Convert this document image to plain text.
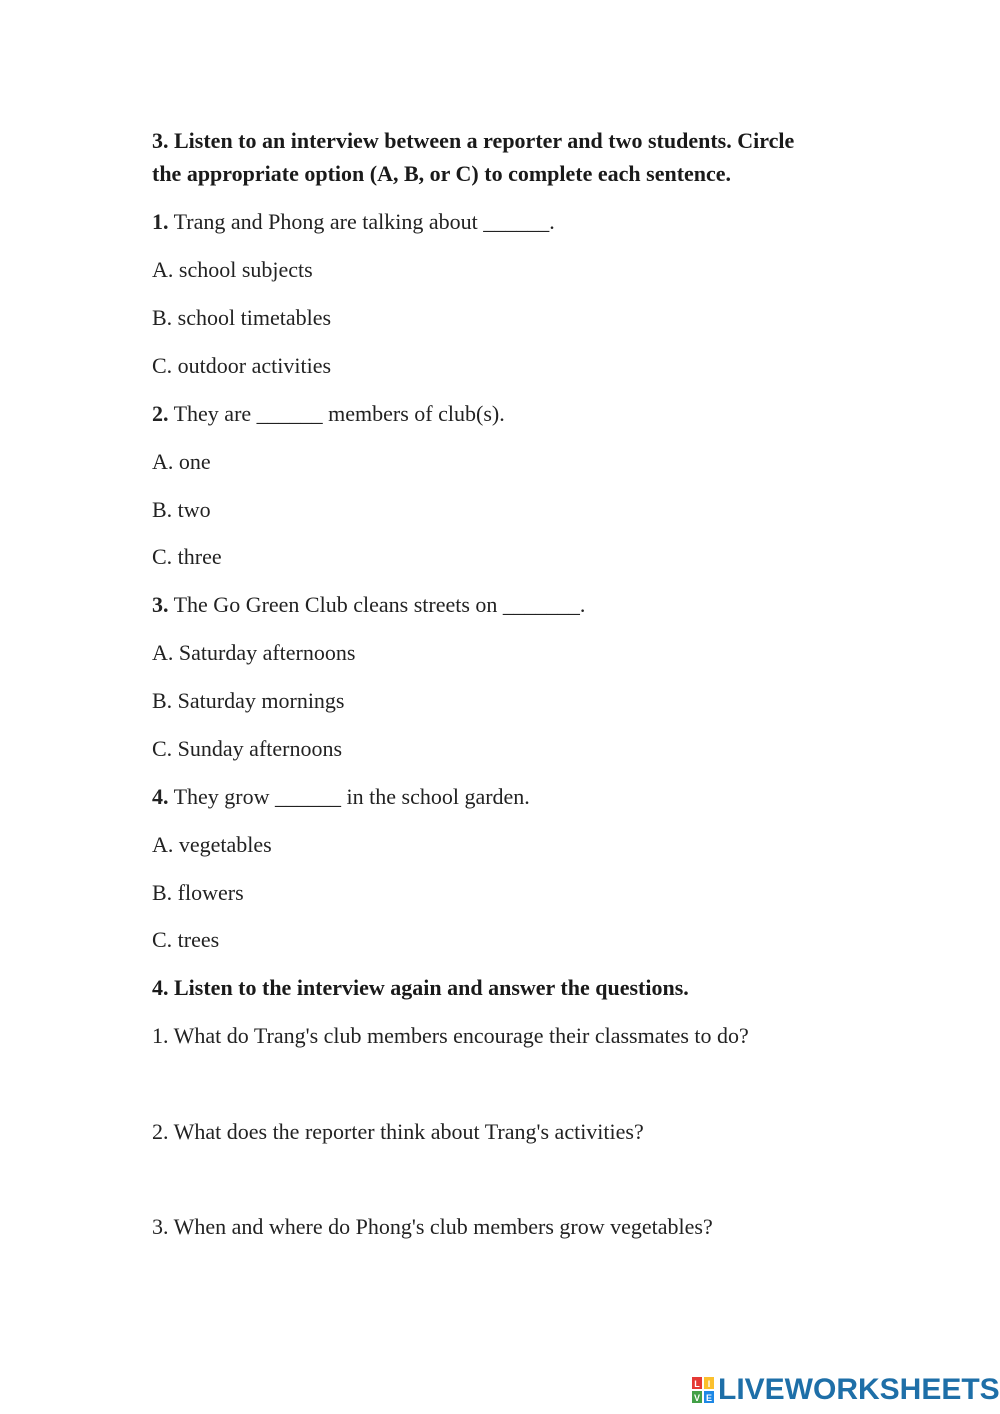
3. Listen to an interview between a reporter and two students. Circle
the appropriate option (A, B, or C) to complete each sentence.
1. Trang and Phong are talking about ______.
A. school subjects
B. school timetables
C. outdoor activities
2. They are ______ members of club(s).
A. one
B. two
C. three
3. The Go Green Club cleans streets on _______.
A. Saturday afternoons
B. Saturday mornings
C. Sunday afternoons
4. They grow ______ in the school garden.
A. vegetables
B. flowers
C. trees
4. Listen to the interview again and answer the questions.
1. What do Trang's club members encourage their classmates to do?
2. What does the reporter think about Trang's activities?
3. When and where do Phong's club members grow vegetables?
L I
V E LIVEWORKSHEETS
